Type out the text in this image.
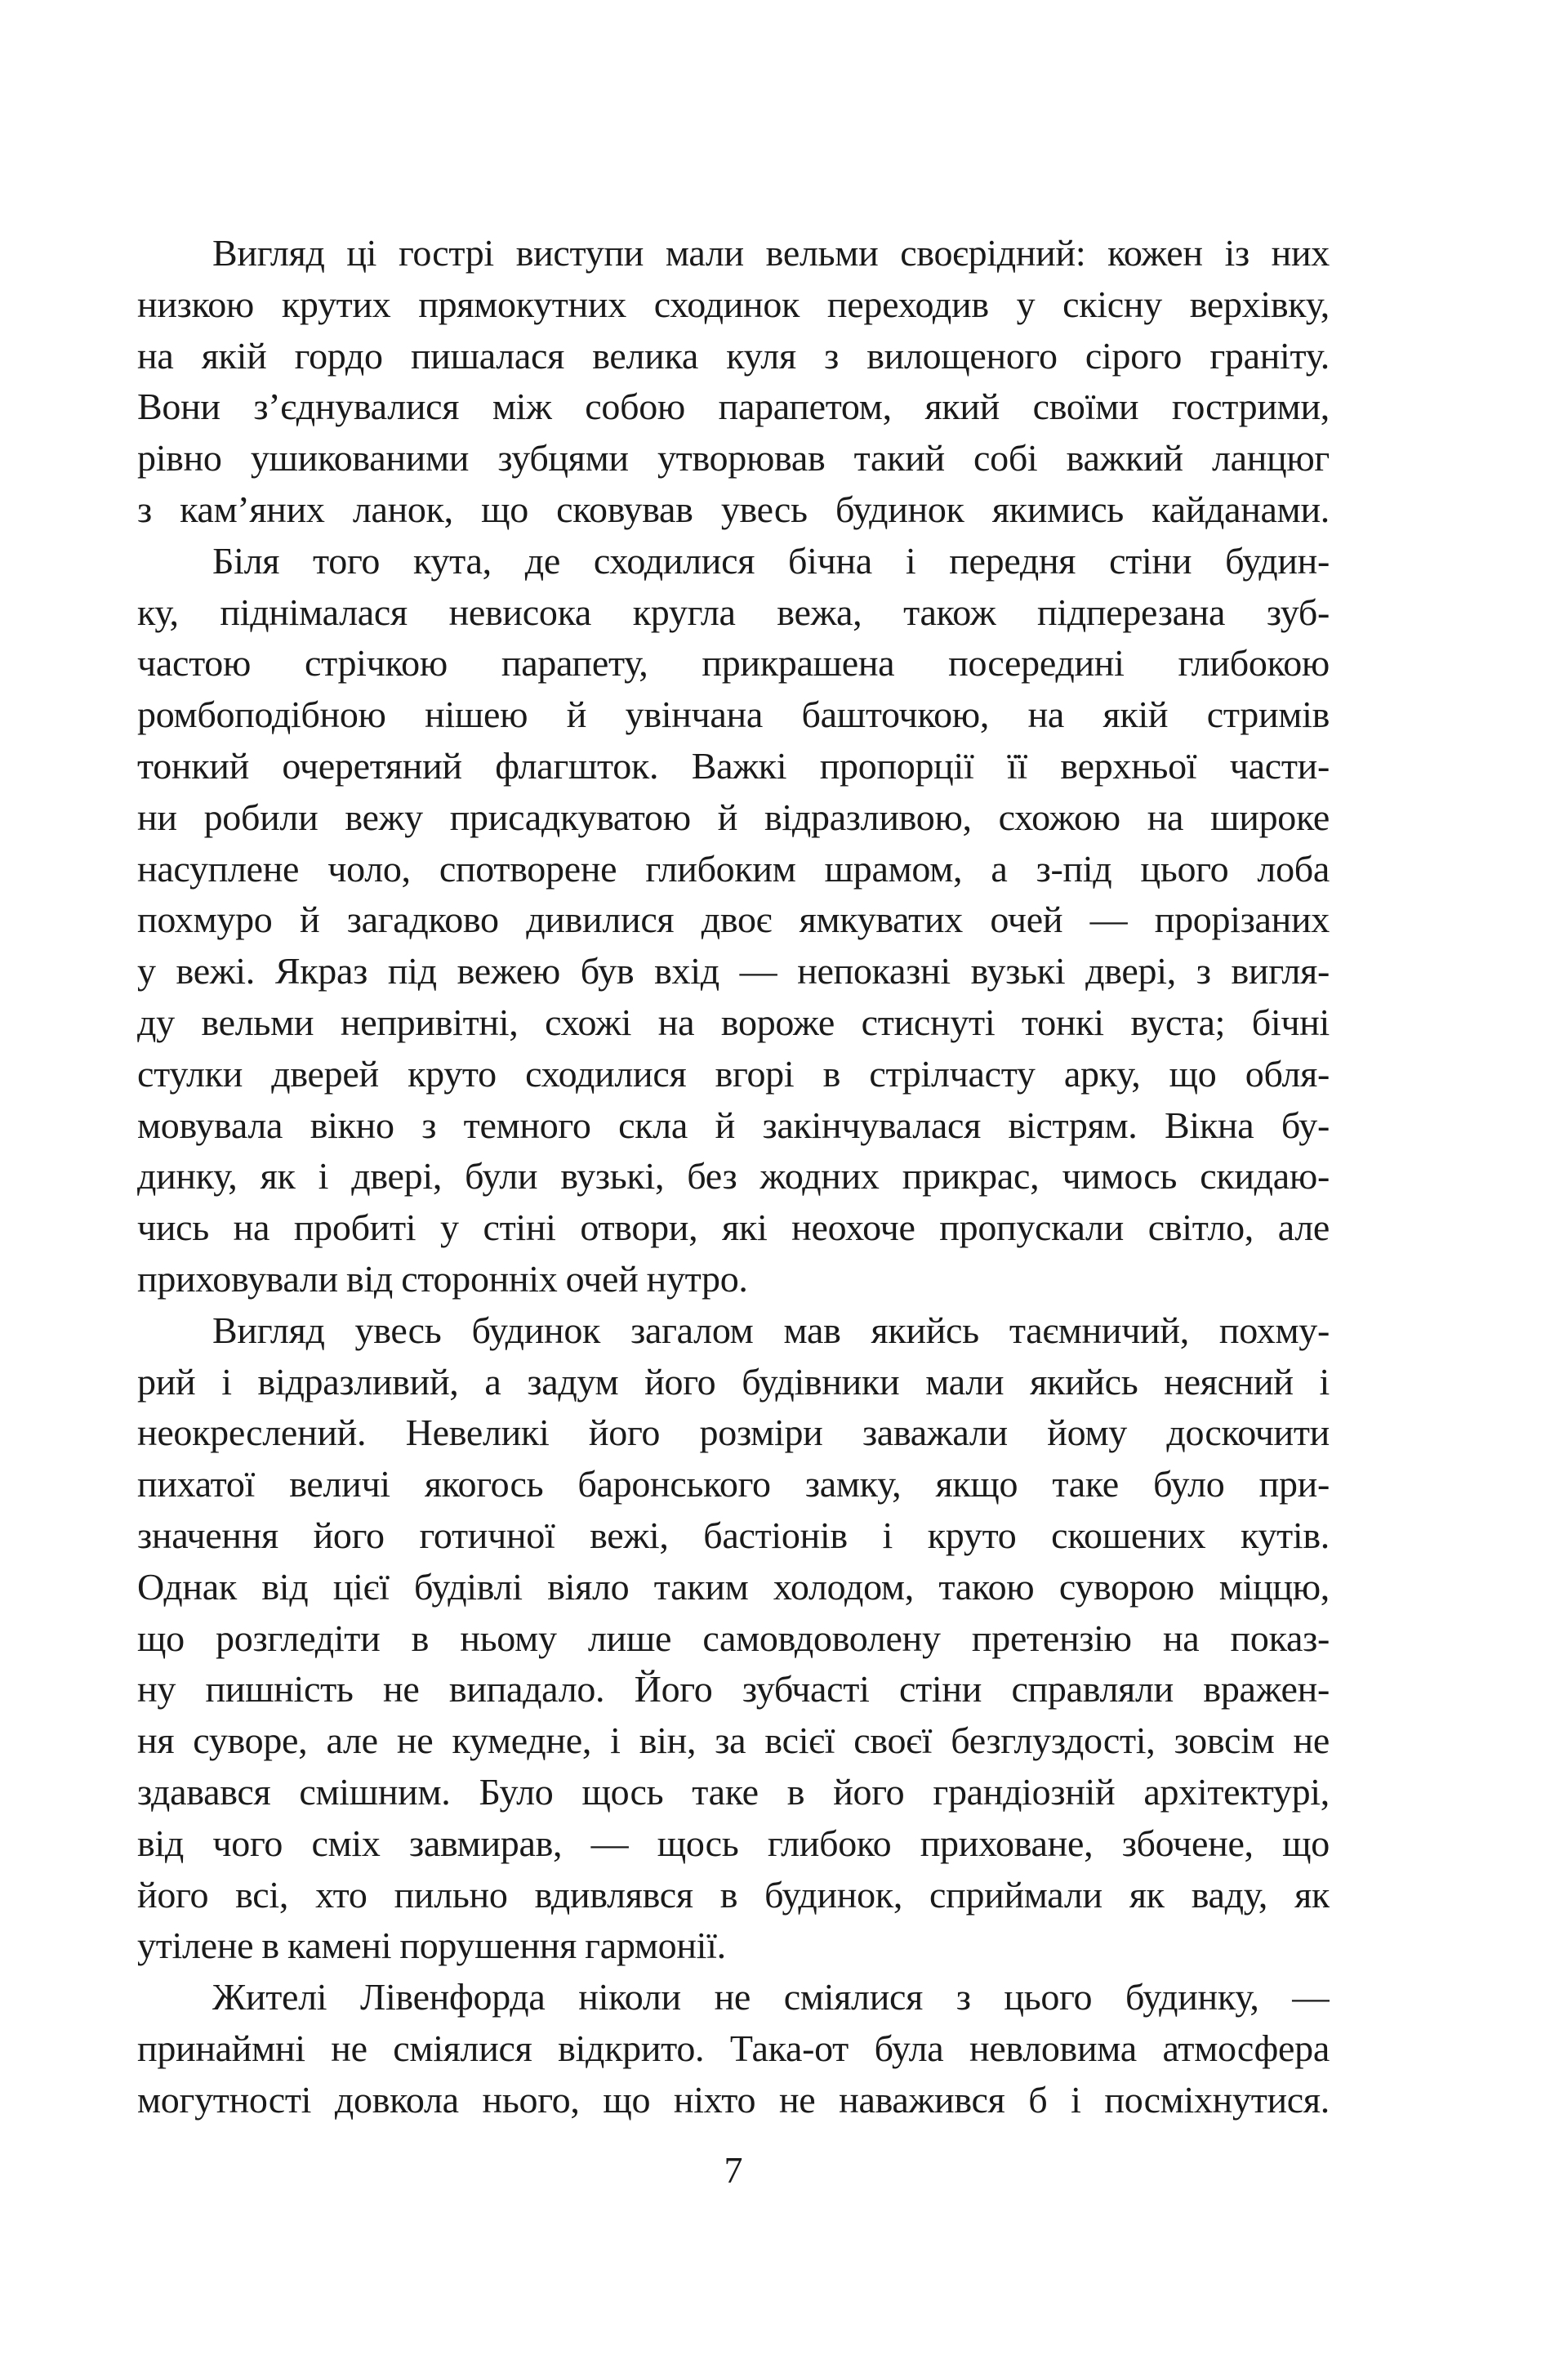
Вигляд ці гострі виступи мали вельми своєрідний: кожен із них
низкою крутих прямокутних сходинок переходив у скісну верхівку,
на якій гордо пишалася велика куля з вилощеного сірого граніту.
Вони з’єднувалися між собою парапетом, який своїми гострими,
рівно ушикованими зубцями утворював такий собі важкий ланцюг
з кам’яних ланок, що сковував увесь будинок якимись кайданами.
Біля того кута, де сходилися бічна і передня стіни будин-
ку, піднімалася невисока кругла вежа, також підперезана зуб-
частою стрічкою парапету, прикрашена посередині глибокою
ромбоподібною нішею й увінчана башточкою, на якій стримів
тонкий очеретяний флагшток. Важкі пропорції її верхньої части-
ни робили вежу присадкуватою й відразливою, схожою на широке
насуплене чоло, спотворене глибоким шрамом, а з-під цього лоба
похмуро й загадково дивилися двоє ямкуватих очей — прорізаних
у вежі. Якраз під вежею був вхід — непоказні вузькі двері, з вигля-
ду вельми непривітні, схожі на вороже стиснуті тонкі вуста; бічні
стулки дверей круто сходилися вгорі в стрілчасту арку, що обля-
мовувала вікно з темного скла й закінчувалася вістрям. Вікна бу-
динку, як і двері, були вузькі, без жодних прикрас, чимось скидаю-
чись на пробиті у стіні отвори, які неохоче пропускали світло, але
приховували від сторонніх очей нутро.
Вигляд увесь будинок загалом мав якийсь таємничий, похму-
рий і відразливий, а задум його будівники мали якийсь неясний і
неокреслений. Невеликі його розміри заважали йому доскочити
пихатої величі якогось баронського замку, якщо таке було при-
значення його готичної вежі, бастіонів і круто скошених кутів.
Однак від цієї будівлі віяло таким холодом, такою суворою міццю,
що розгледіти в ньому лише самовдоволену претензію на показ-
ну пишність не випадало. Його зубчасті стіни справляли вражен-
ня суворе, але не кумедне, і він, за всієї своєї безглуздості, зовсім не
здавався смішним. Було щось таке в його грандіозній архітектурі,
від чого сміх завмирав, — щось глибоко приховане, збочене, що
його всі, хто пильно вдивлявся в будинок, сприймали як ваду, як
утілене в камені порушення гармонії.
Жителі Лівенфорда ніколи не сміялися з цього будинку, —
принаймні не сміялися відкрито. Така-от була невловима атмосфера
могутності довкола нього, що ніхто не наважився б і посміхнутися.
7
